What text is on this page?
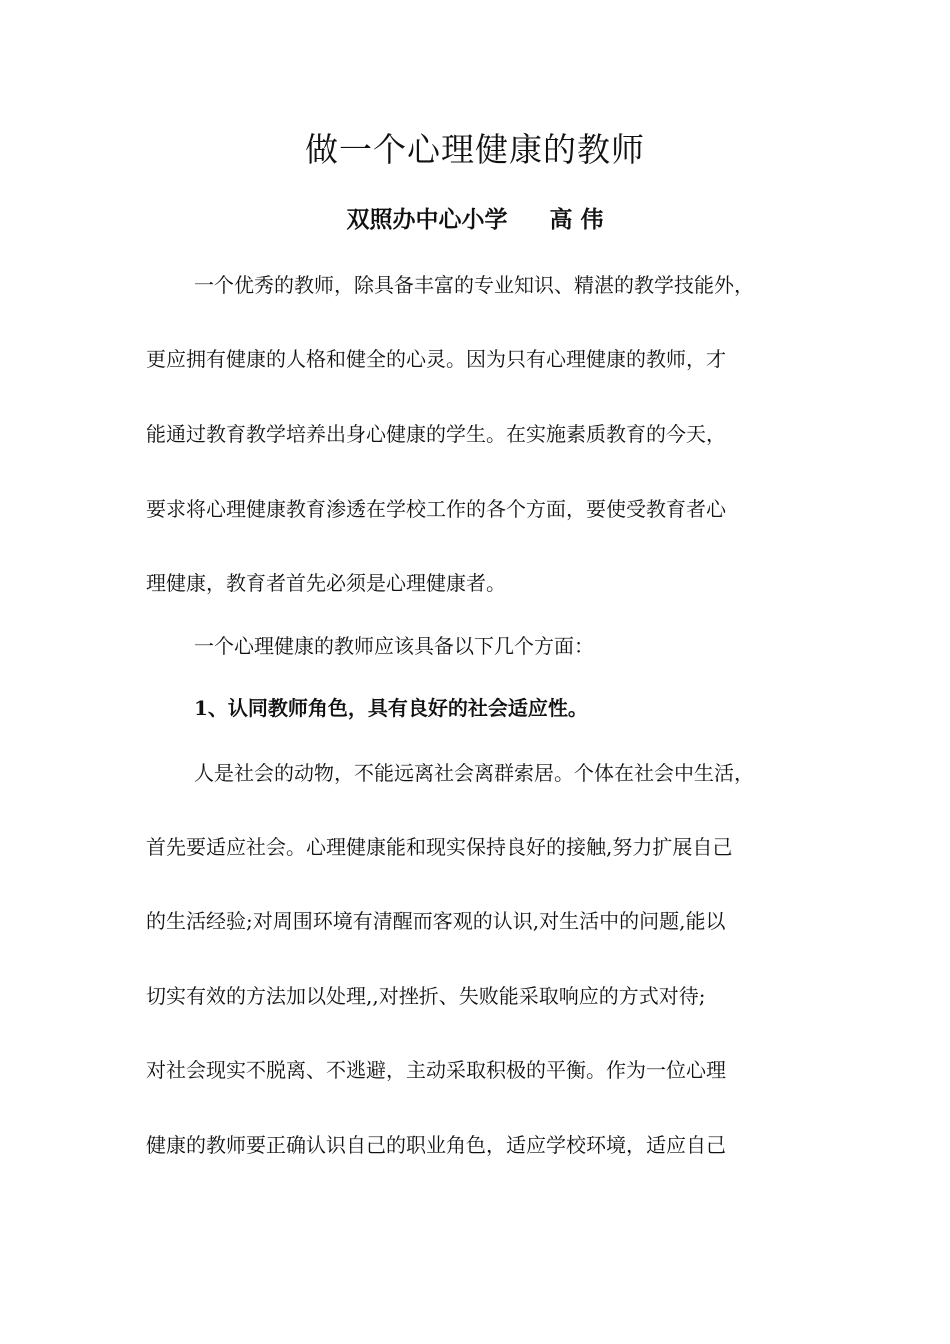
做一个心理健康的教师
双照办中心小学 高 伟
一个优秀的教师，除具备丰富的专业知识、精湛的教学技能外，
更应拥有健康的人格和健全的心灵。因为只有心理健康的教师，才
能通过教育教学培养出身心健康的学生。在实施素质教育的今天，
要求将心理健康教育渗透在学校工作的各个方面，要使受教育者心
理健康，教育者首先必须是心理健康者。
一个心理健康的教师应该具备以下几个方面：
1、认同教师角色，具有良好的社会适应性。
人是社会的动物，不能远离社会离群索居。个体在社会中生活，
首先要适应社会。心理健康能和现实保持良好的接触,努力扩展自己
的生活经验;对周围环境有清醒而客观的认识,对生活中的问题,能以
切实有效的方法加以处理,,对挫折、失败能采取响应的方式对待;
对社会现实不脱离、不逃避，主动采取积极的平衡。作为一位心理
健康的教师要正确认识自己的职业角色，适应学校环境，适应自己
